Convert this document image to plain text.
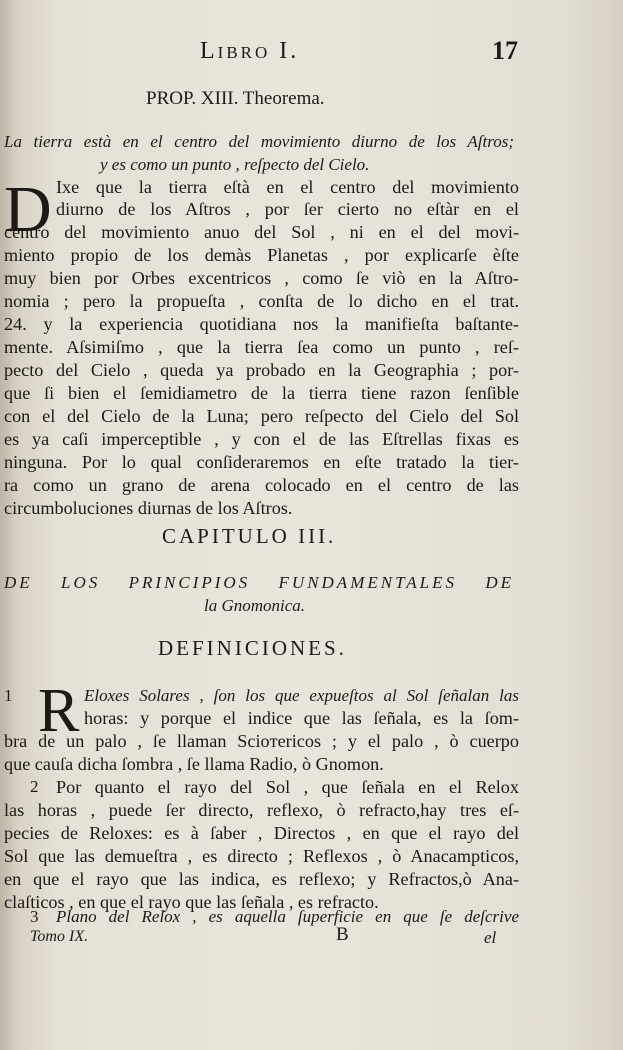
Libro I.	17
PROP. XIII. Theorema.
La tierra està en el centro del movimiento diurno de los Aſtros;
y es como un punto , reſpecto del Cielo.
D Ixe que la tierra eſtà en el centro del movimiento
diurno de los Aſtros , por ſer cierto no eſtàr en el
centro del movimiento anuo del Sol , ni en el del movi-
miento propio de los demàs Planetas , por explicarſe èſte
muy bien por Orbes excentricos , como ſe viò en la Aſtro-
nomia ; pero la propueſta , conſta de lo dicho en el trat.
24. y la experiencia quotidiana nos la manifieſta baſtante-
mente. Aſsimiſmo , que la tierra ſea como un punto , reſ-
pecto del Cielo , queda ya probado en la Geographia ; por-
que ſi bien el ſemidiametro de la tierra tiene razon ſenſible
con el del Cielo de la Luna; pero reſpecto del Cielo del Sol
es ya caſi imperceptible , y con el de las Eſtrellas fixas es
ninguna. Por lo qual conſideraremos en eſte tratado la tier-
ra como un grano de arena colocado en el centro de las
circumboluciones diurnas de los Aſtros.
CAPITULO III.
DE LOS PRINCIPIOS FUNDAMENTALES DE
la Gnomonica.
DEFINICIONES.
1 R Eloxes Solares , ſon los que expueſtos al Sol ſeñalan las
horas: y porque el indice que las ſeñala, es la ſom-
bra de un palo , ſe llaman Scioтericos ; y el palo , ò cuerpo
que cauſa dicha ſombra , ſe llama Radio, ò Gnomon.
2 Por quanto el rayo del Sol , que ſeñala en el Relox
las horas , puede ſer directo, reflexo, ò refracto,hay tres eſ-
pecies de Reloxes: es à ſaber , Directos , en que el rayo del
Sol que las demueſtra , es directo ; Reflexos , ò Anacampticos,
en que el rayo que las indica, es reflexo; y Refractos,ò Ana-
claſticos , en que el rayo que las ſeñala , es refracto.
3 Plano del Relox , es aquella ſuperficie en que ſe deſcrive
Tomo IX.	B	el
